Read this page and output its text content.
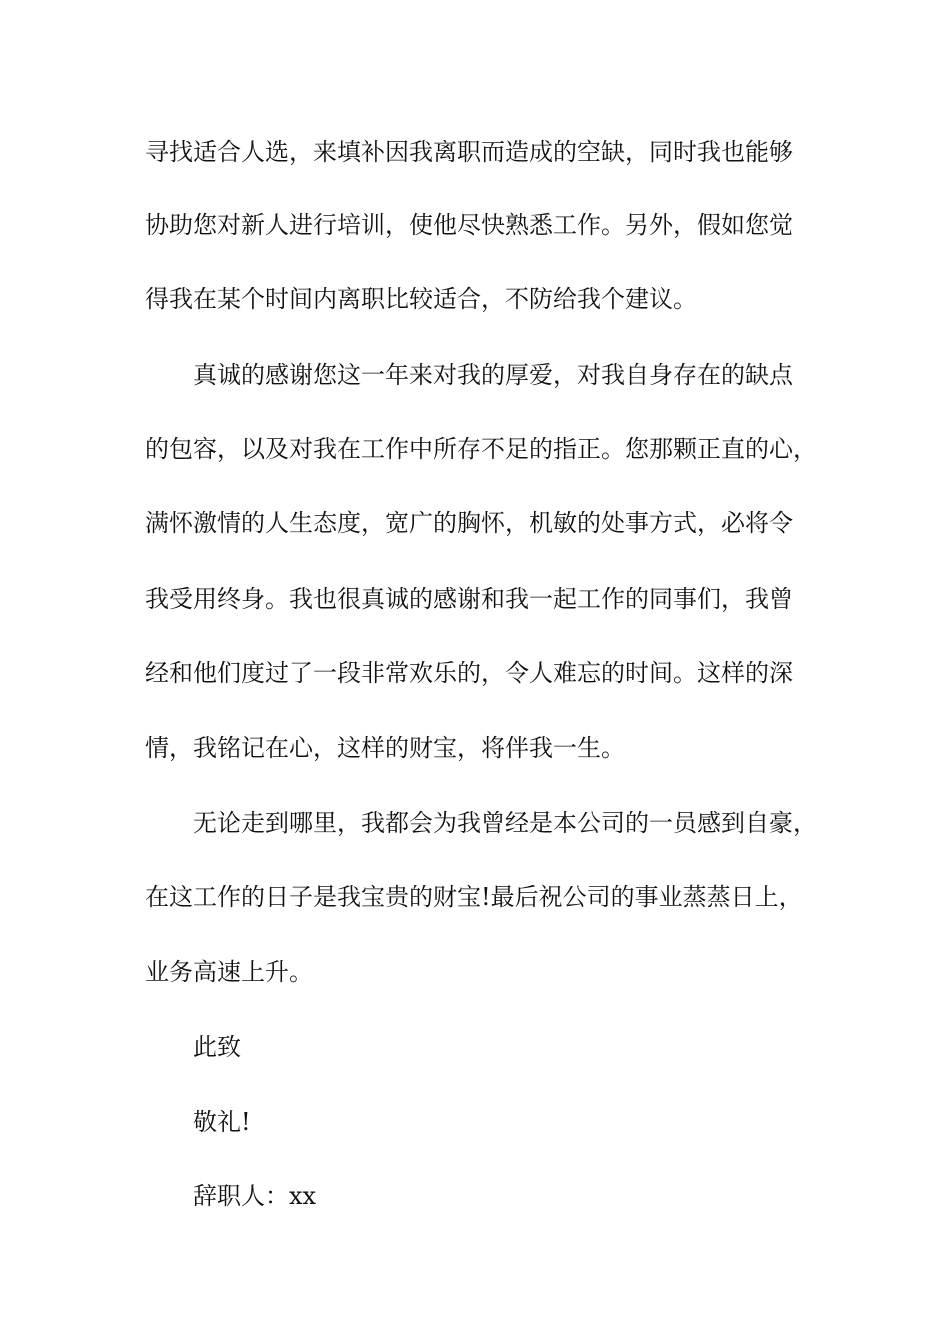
寻找适合人选，来填补因我离职而造成的空缺，同时我也能够
协助您对新人进行培训，使他尽快熟悉工作。另外，假如您觉
得我在某个时间内离职比较适合，不防给我个建议。
真诚的感谢您这一年来对我的厚爱，对我自身存在的缺点
的包容，以及对我在工作中所存不足的指正。您那颗正直的心，
满怀激情的人生态度，宽广的胸怀，机敏的处事方式，必将令
我受用终身。我也很真诚的感谢和我一起工作的同事们，我曾
经和他们度过了一段非常欢乐的，令人难忘的时间。这样的深
情，我铭记在心，这样的财宝，将伴我一生。
无论走到哪里，我都会为我曾经是本公司的一员感到自豪，
在这工作的日子是我宝贵的财宝!最后祝公司的事业蒸蒸日上，
业务高速上升。
此致
敬礼!
辞职人：xx
